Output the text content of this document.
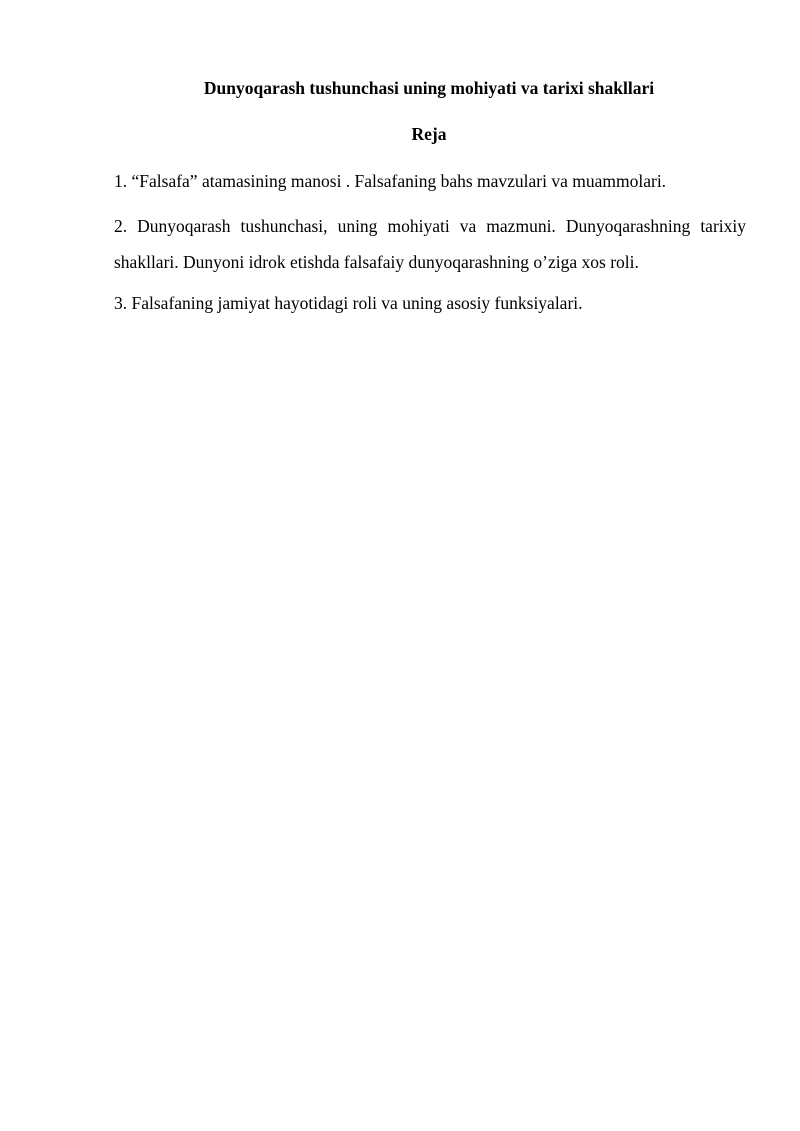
Dunyoqarash tushunchasi uning mohiyati va tarixi shakllari
Reja
1. “Falsafa” atamasining manosi . Falsafaning bahs mavzulari va muammolari.
2. Dunyoqarash tushunchasi, uning mohiyati va mazmuni. Dunyoqarashning tarixiy shakllari. Dunyoni idrok etishda falsafaiy dunyoqarashning o’ziga xos roli.
3. Falsafaning jamiyat hayotidagi roli va uning asosiy funksiyalari.
